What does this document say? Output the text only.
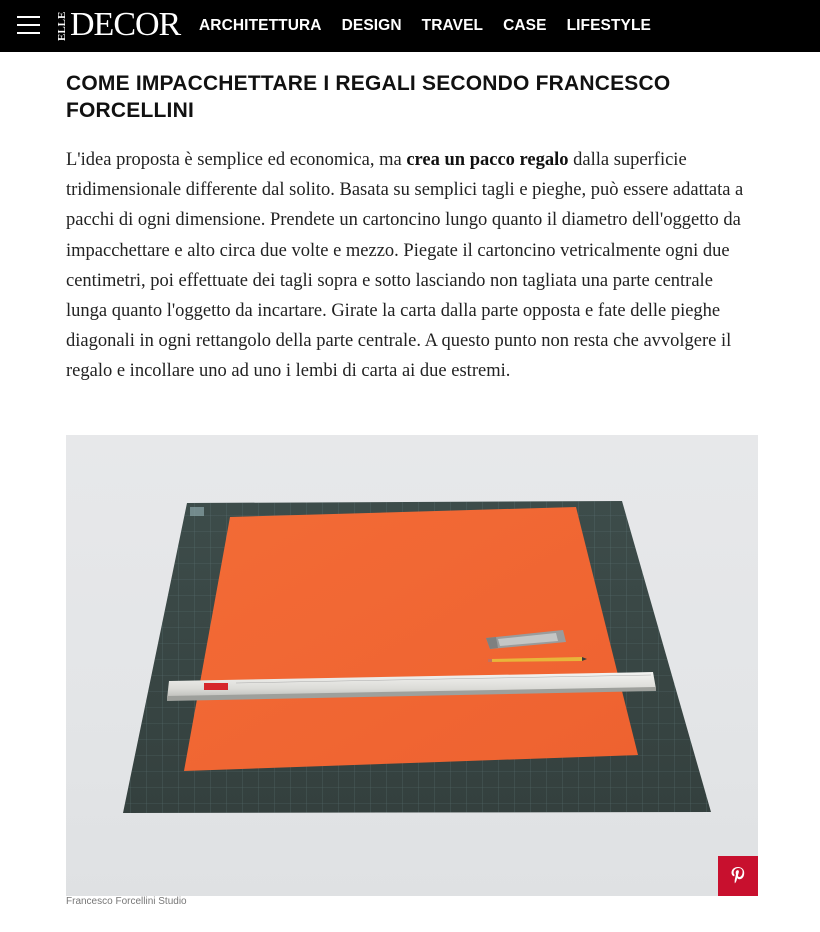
ELLE DECOR ARCHITETTURA DESIGN TRAVEL CASE LIFESTYLE
COME IMPACCHETTARE I REGALI SECONDO FRANCESCO FORCELLINI

L'idea proposta è semplice ed economica, ma crea un pacco regalo dalla superficie tridimensionale differente dal solito. Basata su semplici tagli e pieghe, può essere adattata a pacchi di ogni dimensione. Prendete un cartoncino lungo quanto il diametro dell'oggetto da impacchettare e alto circa due volte e mezzo. Piegate il cartoncino vetricalmente ogni due centimetri, poi effettuate dei tagli sopra e sotto lasciando non tagliata una parte centrale lunga quanto l'oggetto da incartare. Girate la carta dalla parte opposta e fate delle pieghe diagonali in ogni rettangolo della parte centrale. A questo punto non resta che avvolgere il regalo e incollare uno ad uno i lembi di carta ai due estremi.

Francesco Forcellini Studio
